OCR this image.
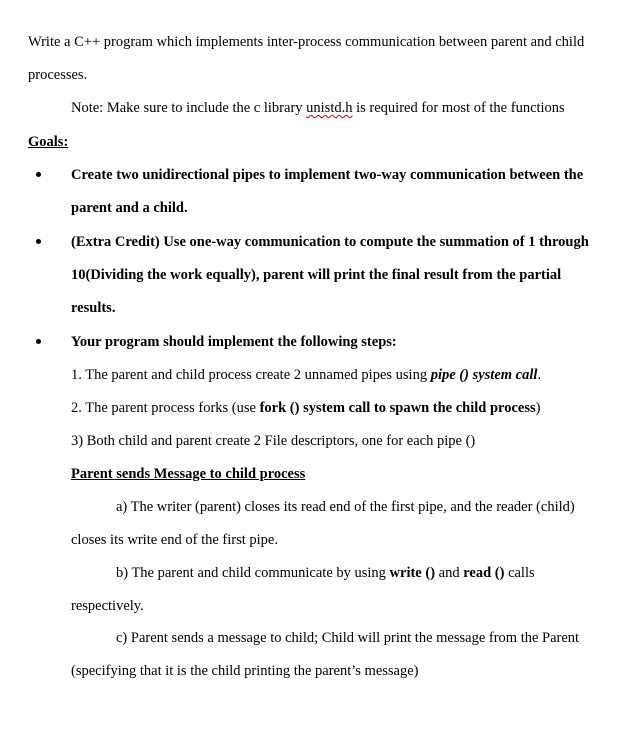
Write a C++ program which implements inter-process communication between parent and child
processes.
Note: Make sure to include the c library unistd.h is required for most of the functions
Goals:
Create two unidirectional pipes to implement two-way communication between the
parent and a child.
(Extra Credit) Use one-way communication to compute the summation of 1 through
10(Dividing the work equally), parent will print the final result from the partial
results.
Your program should implement the following steps:
1. The parent and child process create 2 unnamed pipes using pipe () system call.
2. The parent process forks (use fork () system call to spawn the child process)
3) Both child and parent create 2 File descriptors, one for each pipe ()
Parent sends Message to child process
a) The writer (parent) closes its read end of the first pipe, and the reader (child)
closes its write end of the first pipe.
b) The parent and child communicate by using write () and read () calls
respectively.
c) Parent sends a message to child; Child will print the message from the Parent
(specifying that it is the child printing the parent’s message)
